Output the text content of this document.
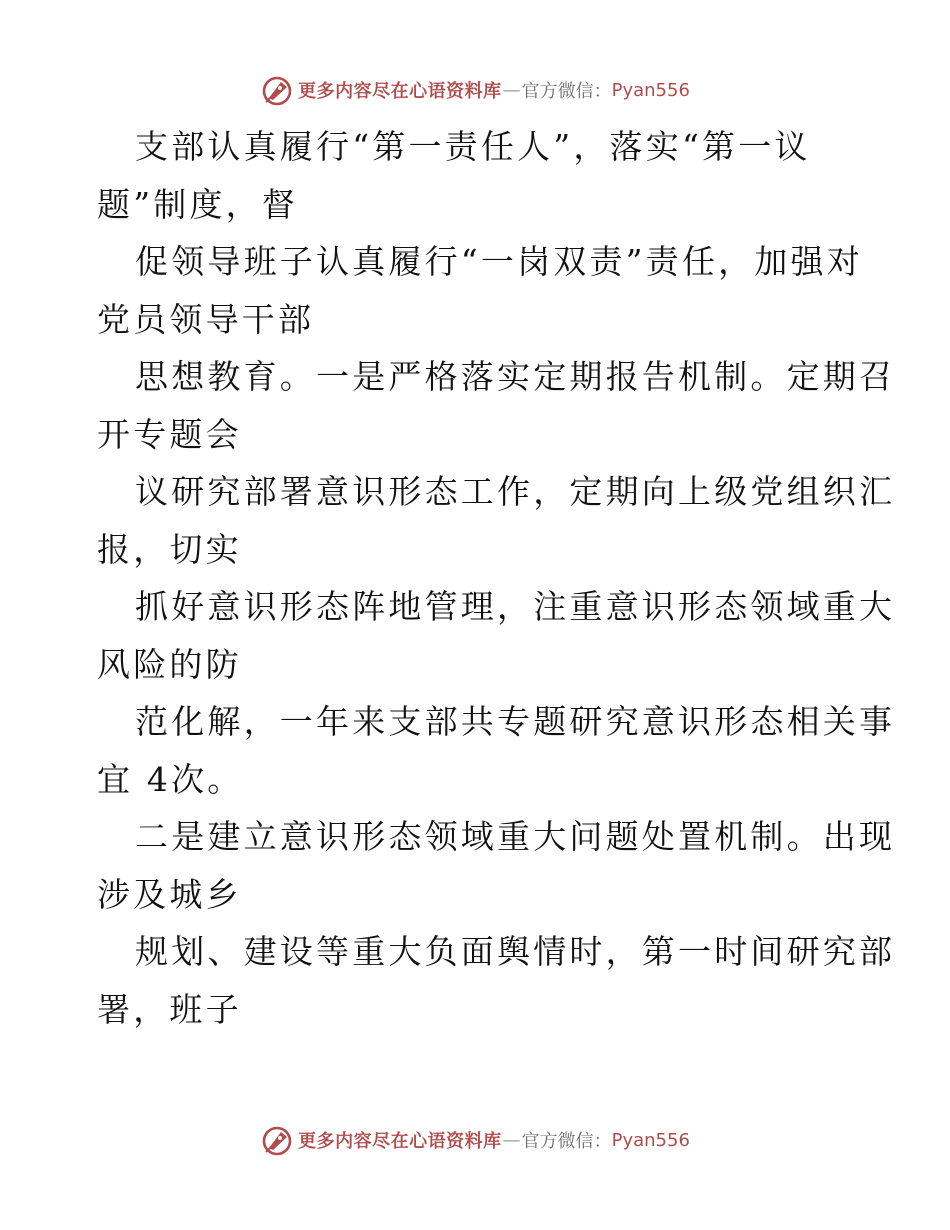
更多内容尽在心语资料库 — 官方微信： Pyan556
支部认真履行“第一责任人”，落实“第一议
题”制度，督
促领导班子认真履行“一岗双责”责任，加强对
党员领导干部
思想教育。一是严格落实定期报告机制。定期召
开专题会
议研究部署意识形态工作，定期向上级党组织汇
报，切实
抓好意识形态阵地管理，注重意识形态领域重大
风险的防
范化解，一年来支部共专题研究意识形态相关事
宜 4次。
二是建立意识形态领域重大问题处置机制。出现
涉及城乡
规划、建设等重大负面舆情时，第一时间研究部
署，班子
更多内容尽在心语资料库 — 官方微信： Pyan556
